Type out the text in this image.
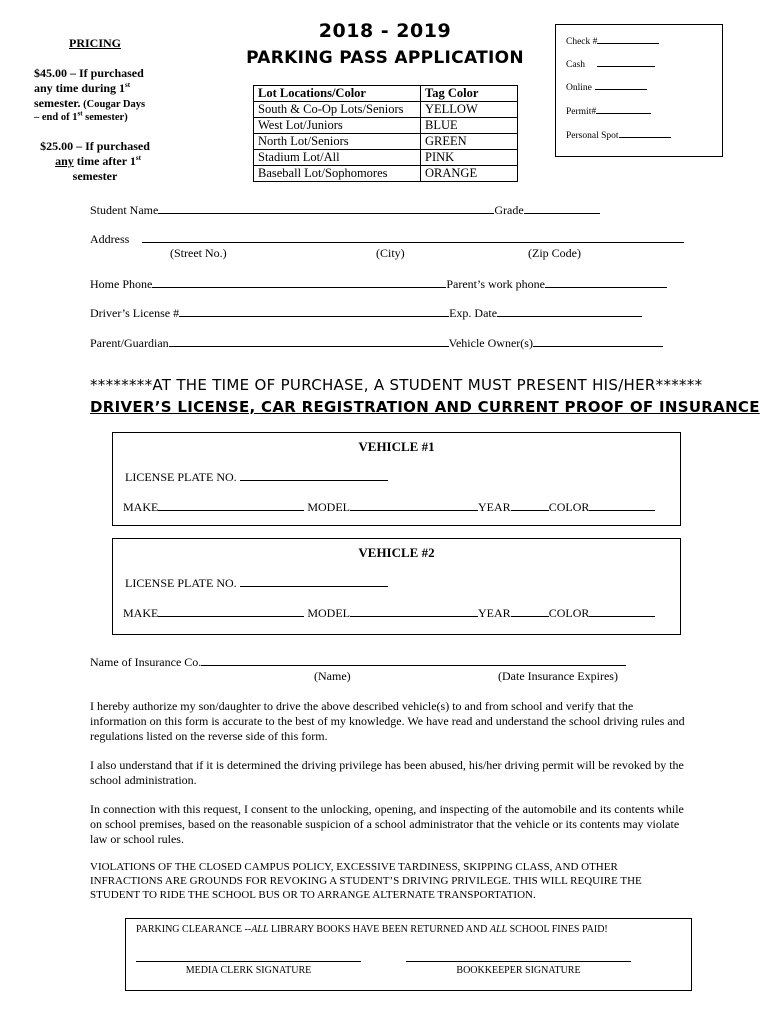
PRICING
$45.00 – If purchased
any time during 1st
semester. (Cougar Days
– end of 1st semester)
$25.00 – If purchased
any time after 1st
semester
2018 - 2019
PARKING PASS APPLICATION
Lot Locations/Color	Tag Color
South & Co-Op Lots/Seniors	YELLOW
West Lot/Juniors	BLUE
North Lot/Seniors	GREEN
Stadium Lot/All	PINK
Baseball Lot/Sophomores	ORANGE
Check #
Cash
Online
Permit#
Personal Spot
Student Name	Grade
Address
(Street No.)	(City)	(Zip Code)
Home Phone	Parent’s work phone
Driver’s License #	Exp. Date
Parent/Guardian	Vehicle Owner(s)
********AT THE TIME OF PURCHASE, A STUDENT MUST PRESENT HIS/HER******
DRIVER’S LICENSE, CAR REGISTRATION AND CURRENT PROOF OF INSURANCE
VEHICLE #1
LICENSE PLATE NO.
MAKE	MODEL	YEAR	COLOR
VEHICLE #2
LICENSE PLATE NO.
MAKE	MODEL	YEAR	COLOR
Name of Insurance Co.
(Name)	(Date Insurance Expires)
I hereby authorize my son/daughter to drive the above described vehicle(s) to and from school and verify that the information on this form is accurate to the best of my knowledge. We have read and understand the school driving rules and regulations listed on the reverse side of this form.
I also understand that if it is determined the driving privilege has been abused, his/her driving permit will be revoked by the school administration.
In connection with this request, I consent to the unlocking, opening, and inspecting of the automobile and its contents while on school premises, based on the reasonable suspicion of a school administrator that the vehicle or its contents may violate law or school rules.
VIOLATIONS OF THE CLOSED CAMPUS POLICY, EXCESSIVE TARDINESS, SKIPPING CLASS, AND OTHER INFRACTIONS ARE GROUNDS FOR REVOKING A STUDENT’S DRIVING PRIVILEGE. THIS WILL REQUIRE THE STUDENT TO RIDE THE SCHOOL BUS OR TO ARRANGE ALTERNATE TRANSPORTATION.
PARKING CLEARANCE --ALL LIBRARY BOOKS HAVE BEEN RETURNED AND ALL SCHOOL FINES PAID!
MEDIA CLERK SIGNATURE	BOOKKEEPER SIGNATURE
